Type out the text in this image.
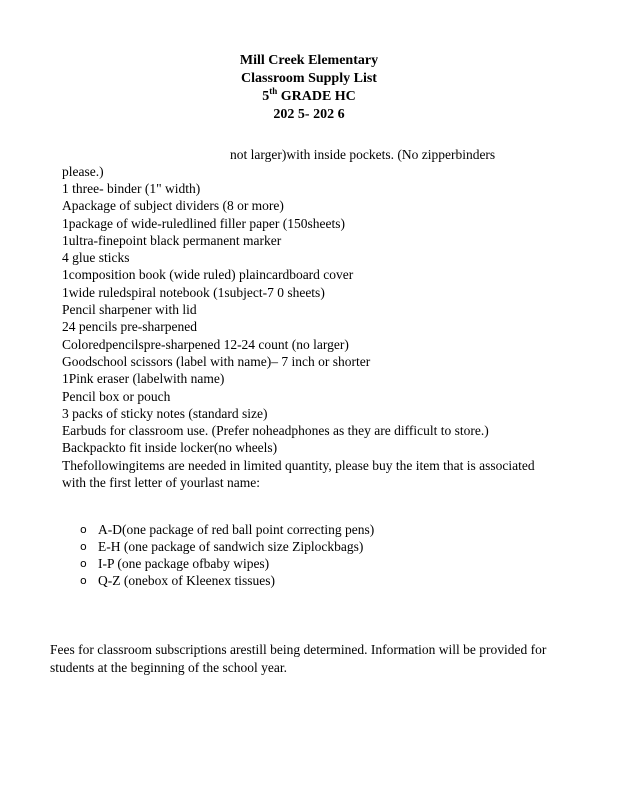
Mill Creek Elementary
Classroom Supply List
5th GRADE HC
202 5- 202 6
not larger)with inside pockets. (No zipperbinders
please.)
1 three- binder (1" width)
Apackage of subject dividers (8 or more)
1package of wide-ruledlined filler paper (150sheets)
1ultra-finepoint black permanent marker
4 glue sticks
1composition book (wide ruled) plaincardboard cover
1wide ruledspiral notebook (1subject-7 0 sheets)
Pencil sharpener with lid
24 pencils pre-sharpened
Coloredpencilspre-sharpened 12-24 count (no larger)
Goodschool scissors (label with name)– 7 inch or shorter
1Pink eraser (labelwith name)
Pencil box or pouch
3 packs of sticky notes (standard size)
Earbuds for classroom use. (Prefer noheadphones as they are difficult to store.)
Backpackto fit inside locker(no wheels)
Thefollowingitems are needed in limited quantity, please buy the item that is associated with the first letter of yourlast name:
o A-D(one package of red ball point correcting pens)
o E-H (one package of sandwich size Ziplockbags)
o I-P (one package ofbaby wipes)
o Q-Z (onebox of Kleenex tissues)
Fees for classroom subscriptions arestill being determined. Information will be provided for students at the beginning of the school year.
